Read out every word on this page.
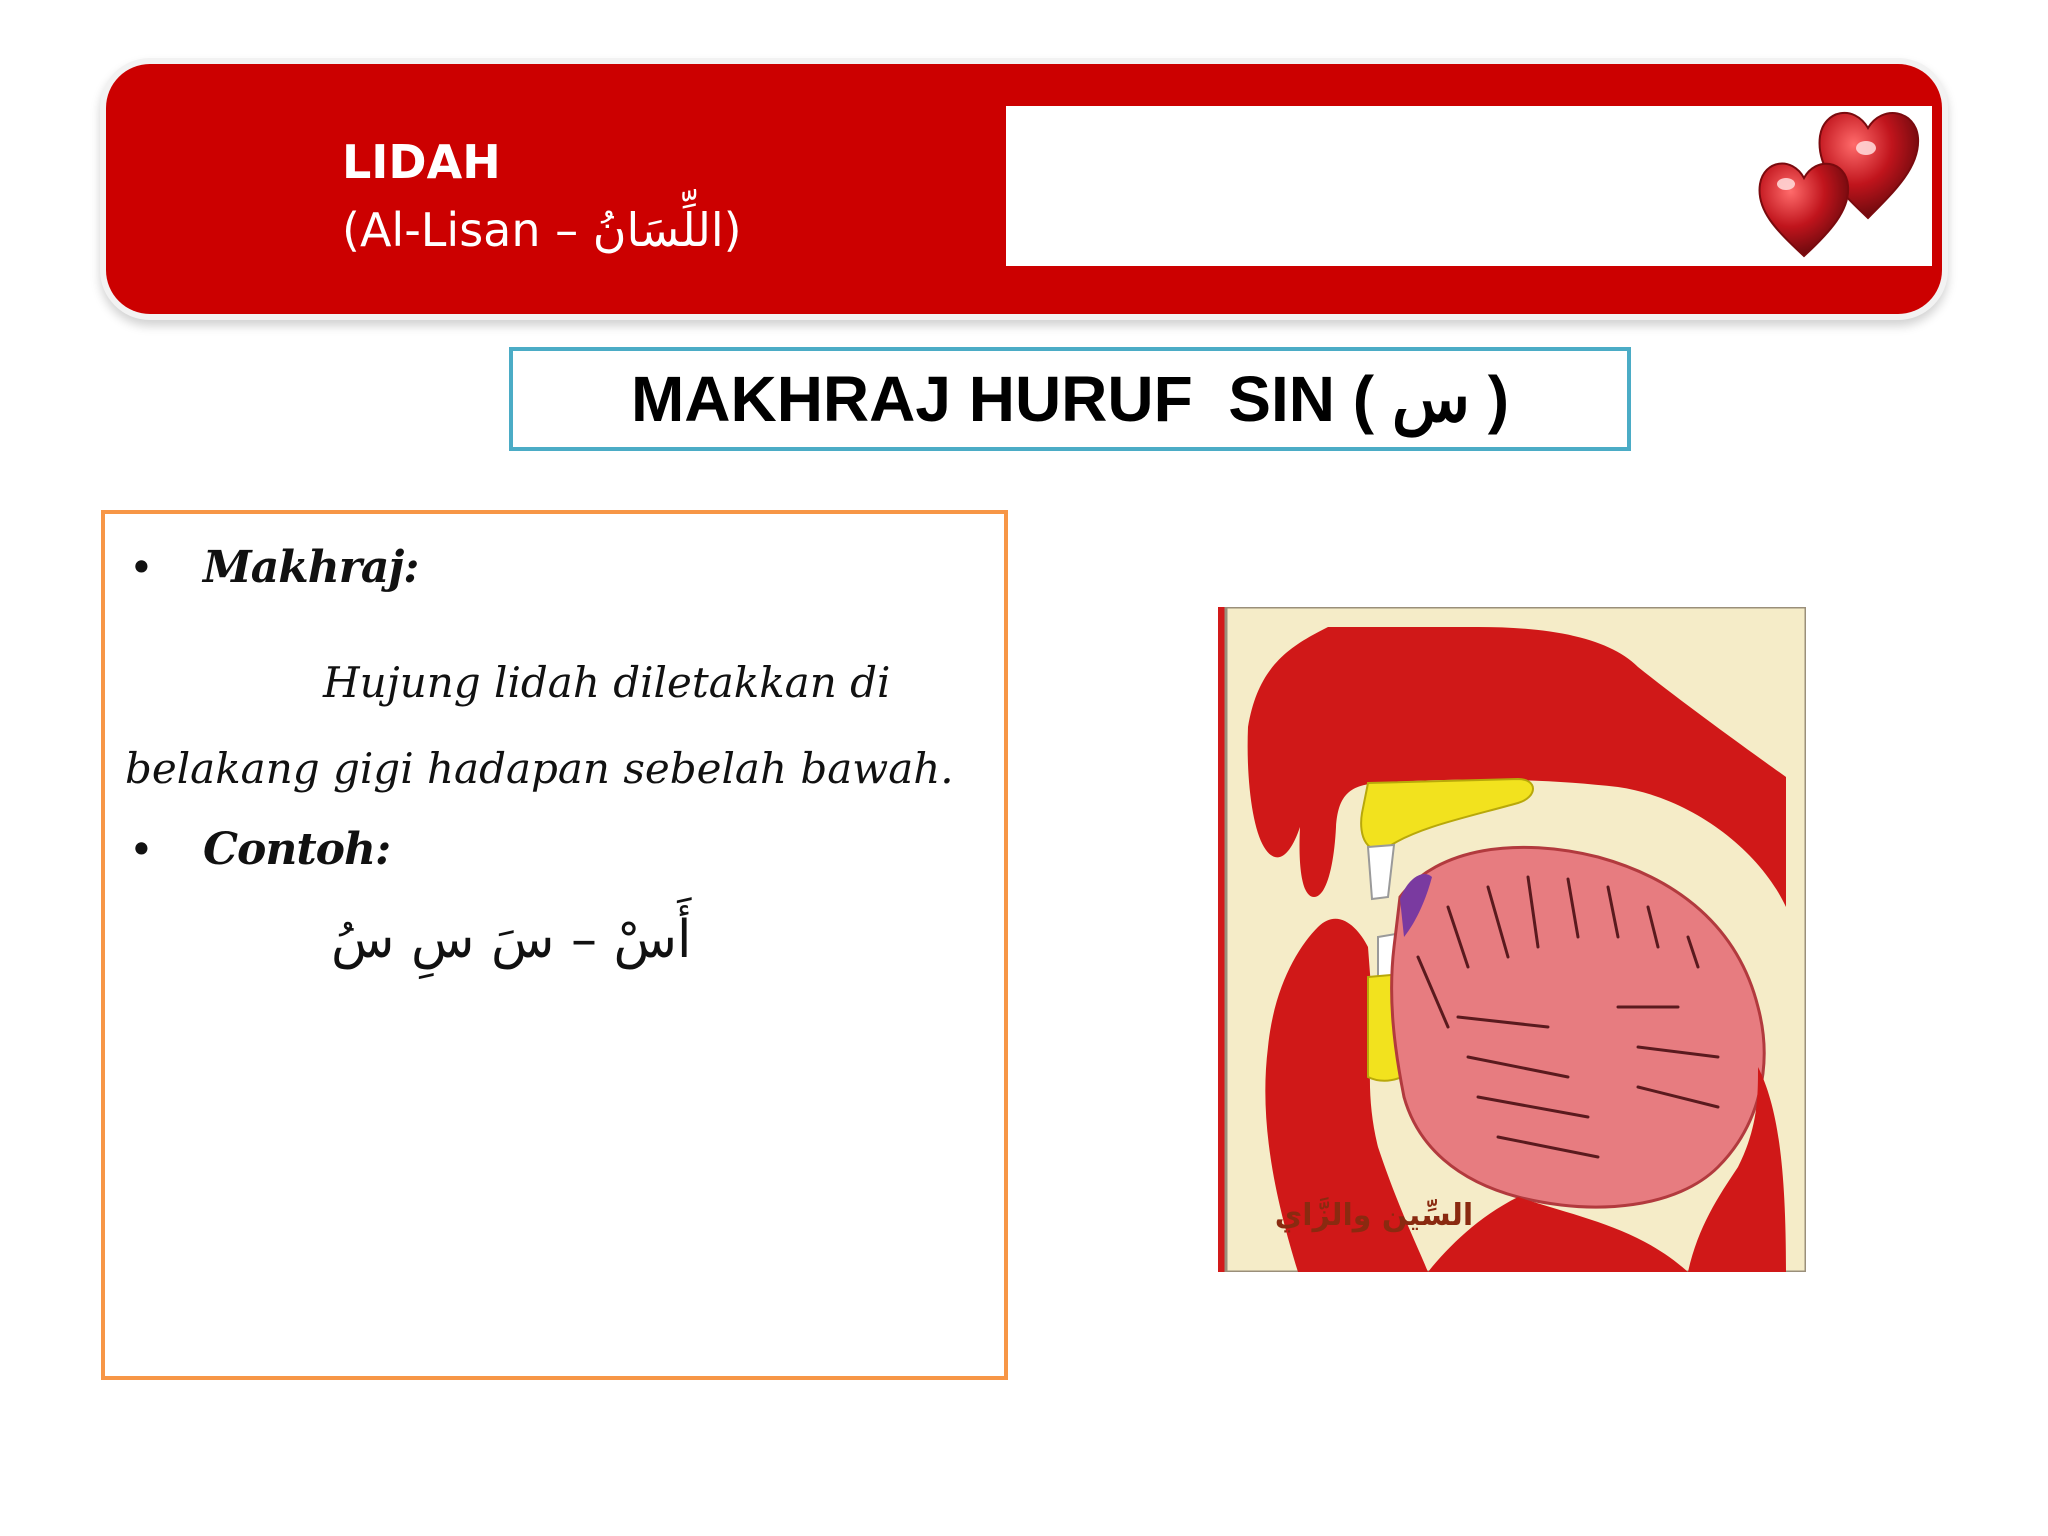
LIDAH
(Al-Lisan – اللِّسَانُ)
MAKHRAJ HURUF  SIN ( س )
•	Makhraj:
Hujung lidah diletakkan di
belakang gigi hadapan sebelah bawah.
•	Contoh:
أَسْ – سَ سِ سُ
السِّين والزَّاي
